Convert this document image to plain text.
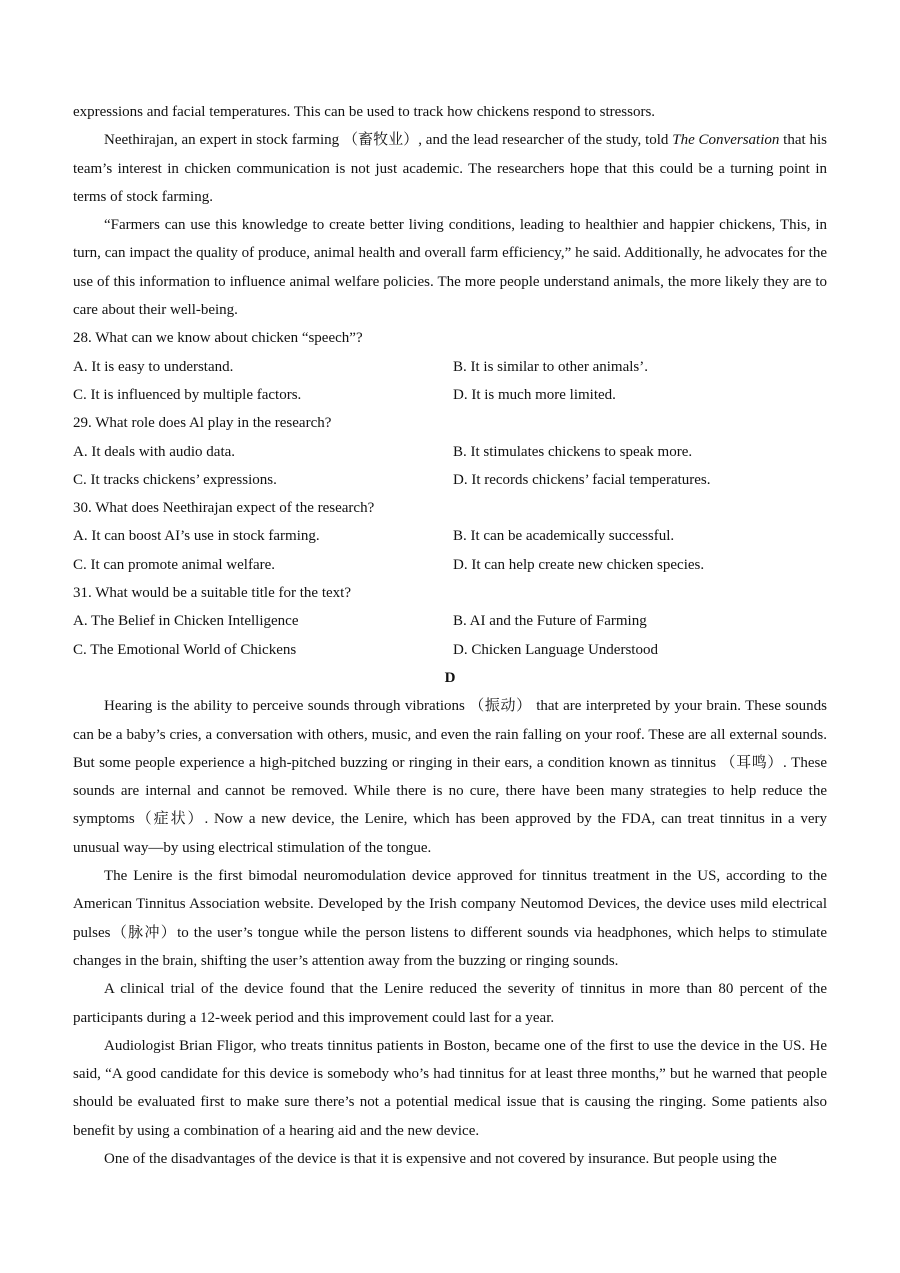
expressions and facial temperatures. This can be used to track how chickens respond to stressors.

Neethirajan, an expert in stock farming （畜牧业）, and the lead researcher of the study, told The Conversation that his team’s interest in chicken communication is not just academic. The researchers hope that this could be a turning point in terms of stock farming.

“Farmers can use this knowledge to create better living conditions, leading to healthier and happier chickens, This, in turn, can impact the quality of produce, animal health and overall farm efficiency,” he said. Additionally, he advocates for the use of this information to influence animal welfare policies. The more people understand animals, the more likely they are to care about their well-being.

28. What can we know about chicken “speech”?

A. It is easy to understand.	B. It is similar to other animals’.
C. It is influenced by multiple factors.	D. It is much more limited.

29. What role does Al play in the research?

A. It deals with audio data.	B. It stimulates chickens to speak more.
C. It tracks chickens’ expressions.	D. It records chickens’ facial temperatures.

30. What does Neethirajan expect of the research?

A. It can boost AI’s use in stock farming.	B. It can be academically successful.
C. It can promote animal welfare.	D. It can help create new chicken species.

31. What would be a suitable title for the text?

A. The Belief in Chicken Intelligence	B. AI and the Future of Farming
C. The Emotional World of Chickens	D. Chicken Language Understood

D

Hearing is the ability to perceive sounds through vibrations （振动） that are interpreted by your brain. These sounds can be a baby’s cries, a conversation with others, music, and even the rain falling on your roof. These are all external sounds. But some people experience a high-pitched buzzing or ringing in their ears, a condition known as tinnitus （耳鸣）. These sounds are internal and cannot be removed. While there is no cure, there have been many strategies to help reduce the symptoms（症状）. Now a new device, the Lenire, which has been approved by the FDA, can treat tinnitus in a very unusual way—by using electrical stimulation of the tongue.

The Lenire is the first bimodal neuromodulation device approved for tinnitus treatment in the US, according to the American Tinnitus Association website. Developed by the Irish company Neutomod Devices, the device uses mild electrical pulses（脉冲）to the user’s tongue while the person listens to different sounds via headphones, which helps to stimulate changes in the brain, shifting the user’s attention away from the buzzing or ringing sounds.

A clinical trial of the device found that the Lenire reduced the severity of tinnitus in more than 80 percent of the participants during a 12-week period and this improvement could last for a year.

Audiologist Brian Fligor, who treats tinnitus patients in Boston, became one of the first to use the device in the US. He said, “A good candidate for this device is somebody who’s had tinnitus for at least three months,” but he warned that people should be evaluated first to make sure there’s not a potential medical issue that is causing the ringing. Some patients also benefit by using a combination of a hearing aid and the new device.

One of the disadvantages of the device is that it is expensive and not covered by insurance. But people using the
